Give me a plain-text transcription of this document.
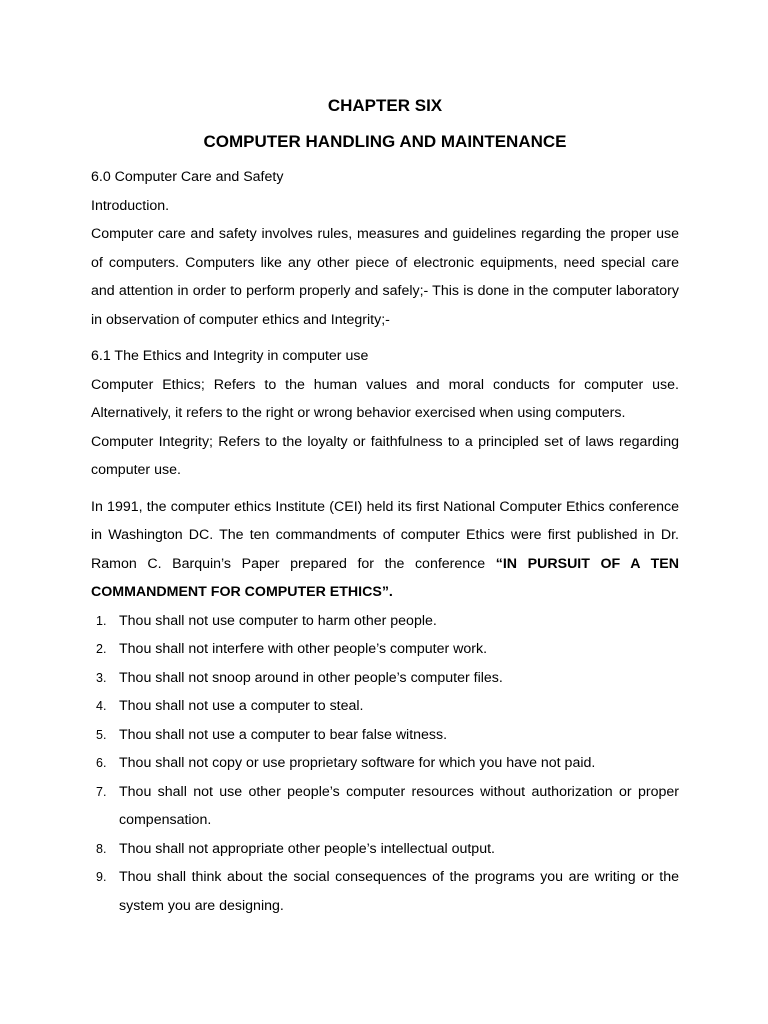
CHAPTER SIX
COMPUTER HANDLING AND MAINTENANCE

6.0 Computer Care and Safety

Introduction.

Computer care and safety involves rules, measures and guidelines regarding the proper use of computers. Computers like any other piece of electronic equipments, need special care and attention in order to perform properly and safely;- This is done in the computer laboratory in observation of computer ethics and Integrity;-

6.1 The Ethics and Integrity in computer use

Computer Ethics; Refers to the human values and moral conducts for computer use. Alternatively, it refers to the right or wrong behavior exercised when using computers.

Computer Integrity; Refers to the loyalty or faithfulness to a principled set of laws regarding computer use.

In 1991, the computer ethics Institute (CEI) held its first National Computer Ethics conference in Washington DC. The ten commandments of computer Ethics were first published in Dr. Ramon C. Barquin’s Paper prepared for the conference “IN PURSUIT OF A TEN COMMANDMENT FOR COMPUTER ETHICS”.

1. Thou shall not use computer to harm other people.
2. Thou shall not interfere with other people’s computer work.
3. Thou shall not snoop around in other people’s computer files.
4. Thou shall not use a computer to steal.
5. Thou shall not use a computer to bear false witness.
6. Thou shall not copy or use proprietary software for which you have not paid.
7. Thou shall not use other people’s computer resources without authorization or proper compensation.
8. Thou shall not appropriate other people’s intellectual output.
9. Thou shall think about the social consequences of the programs you are writing or the system you are designing.
